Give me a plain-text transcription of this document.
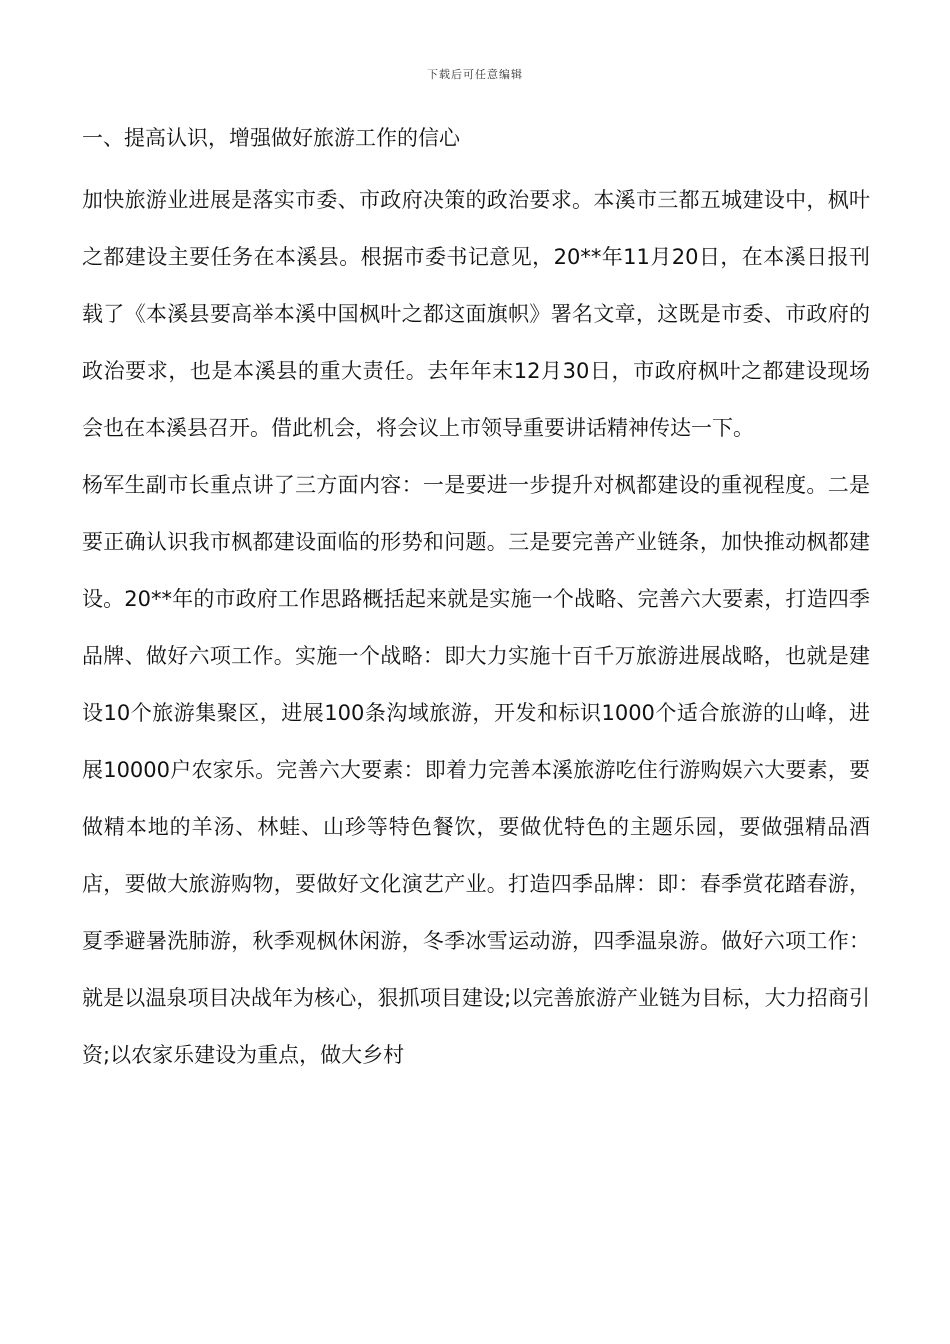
下载后可任意编辑
一、提高认识，增强做好旅游工作的信心

加快旅游业进展是落实市委、市政府决策的政治要求。本溪市三都五城建设中，枫叶之都建设主要任务在本溪县。根据市委书记意见，20**年11月20日，在本溪日报刊载了《本溪县要高举本溪中国枫叶之都这面旗帜》署名文章，这既是市委、市政府的政治要求，也是本溪县的重大责任。去年年末12月30日，市政府枫叶之都建设现场会也在本溪县召开。借此机会，将会议上市领导重要讲话精神传达一下。

杨军生副市长重点讲了三方面内容：一是要进一步提升对枫都建设的重视程度。二是要正确认识我市枫都建设面临的形势和问题。三是要完善产业链条，加快推动枫都建设。20**年的市政府工作思路概括起来就是实施一个战略、完善六大要素，打造四季品牌、做好六项工作。实施一个战略：即大力实施十百千万旅游进展战略，也就是建设10个旅游集聚区，进展100条沟域旅游，开发和标识1000个适合旅游的山峰，进展10000户农家乐。完善六大要素：即着力完善本溪旅游吃住行游购娱六大要素，要做精本地的羊汤、林蛙、山珍等特色餐饮，要做优特色的主题乐园，要做强精品酒店，要做大旅游购物，要做好文化演艺产业。打造四季品牌：即：春季赏花踏春游，夏季避暑洗肺游，秋季观枫休闲游，冬季冰雪运动游，四季温泉游。做好六项工作：就是以温泉项目决战年为核心，狠抓项目建设;以完善旅游产业链为目标，大力招商引资;以农家乐建设为重点，做大乡村
